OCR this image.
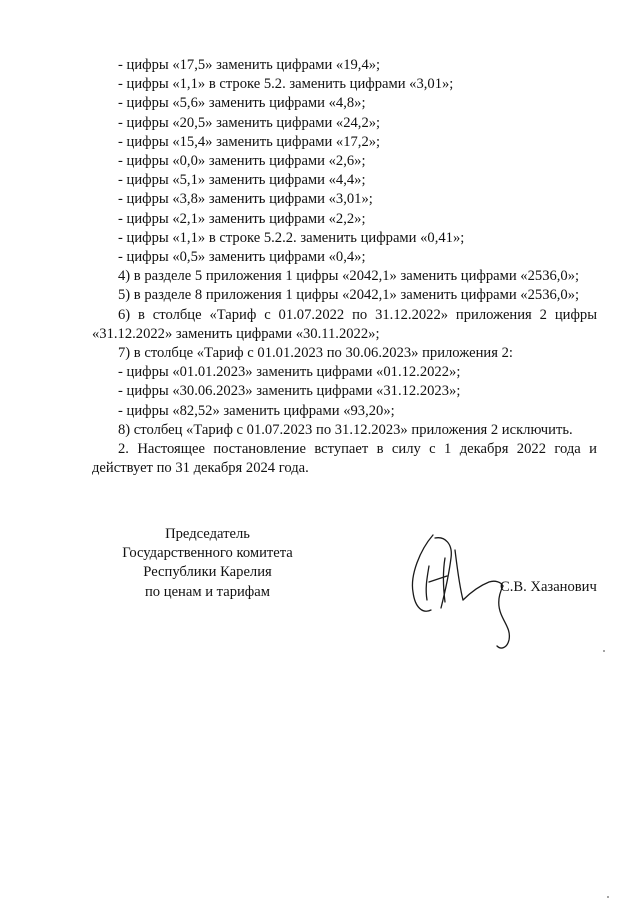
- цифры «17,5» заменить цифрами «19,4»;
- цифры «1,1» в строке 5.2. заменить цифрами «3,01»;
- цифры «5,6» заменить цифрами «4,8»;
- цифры «20,5» заменить цифрами «24,2»;
- цифры «15,4» заменить цифрами «17,2»;
- цифры «0,0» заменить цифрами «2,6»;
- цифры «5,1» заменить цифрами «4,4»;
- цифры «3,8» заменить цифрами «3,01»;
- цифры «2,1» заменить цифрами «2,2»;
- цифры «1,1» в строке 5.2.2. заменить цифрами «0,41»;
- цифры «0,5» заменить цифрами «0,4»;
4) в разделе 5 приложения 1 цифры «2042,1» заменить цифрами «2536,0»;
5) в разделе 8 приложения 1 цифры «2042,1» заменить цифрами «2536,0»;
6) в столбце «Тариф с 01.07.2022 по 31.12.2022» приложения 2 цифры «31.12.2022» заменить цифрами «30.11.2022»;
7) в столбце «Тариф с 01.01.2023 по 30.06.2023» приложения 2:
- цифры «01.01.2023» заменить цифрами «01.12.2022»;
- цифры «30.06.2023» заменить цифрами «31.12.2023»;
- цифры «82,52» заменить цифрами «93,20»;
8) столбец «Тариф с 01.07.2023 по 31.12.2023» приложения 2 исключить.
2. Настоящее постановление вступает в силу с 1 декабря 2022 года и действует по 31 декабря 2024 года.
Председатель
Государственного комитета
Республики Карелия
по ценам и тарифам	С.В. Хазанович
